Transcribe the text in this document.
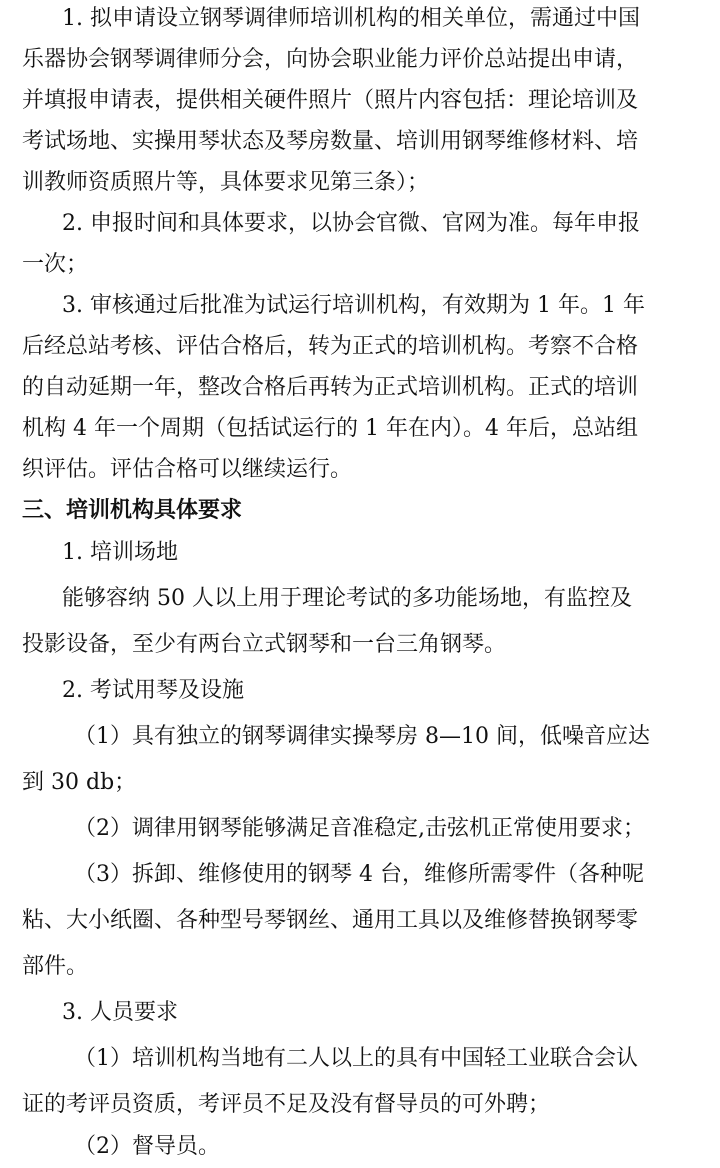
1. 拟申请设立钢琴调律师培训机构的相关单位，需通过中国
乐器协会钢琴调律师分会，向协会职业能力评价总站提出申请，
并填报申请表，提供相关硬件照片（照片内容包括：理论培训及
考试场地、实操用琴状态及琴房数量、培训用钢琴维修材料、培
训教师资质照片等，具体要求见第三条）；
2. 申报时间和具体要求，以协会官微、官网为准。每年申报
一次；
3. 审核通过后批准为试运行培训机构，有效期为 1 年。1 年
后经总站考核、评估合格后，转为正式的培训机构。考察不合格
的自动延期一年，整改合格后再转为正式培训机构。正式的培训
机构 4 年一个周期（包括试运行的 1 年在内）。4 年后，总站组
织评估。评估合格可以继续运行。
三、培训机构具体要求
1. 培训场地
能够容纳 50 人以上用于理论考试的多功能场地，有监控及
投影设备，至少有两台立式钢琴和一台三角钢琴。
2. 考试用琴及设施
（1）具有独立的钢琴调律实操琴房 8—10 间，低噪音应达
到 30 db；
（2）调律用钢琴能够满足音准稳定,击弦机正常使用要求；
（3）拆卸、维修使用的钢琴 4 台，维修所需零件（各种呢
粘、大小纸圈、各种型号琴钢丝、通用工具以及维修替换钢琴零
部件。
3. 人员要求
（1）培训机构当地有二人以上的具有中国轻工业联合会认
证的考评员资质，考评员不足及没有督导员的可外聘；
（2）督导员。
